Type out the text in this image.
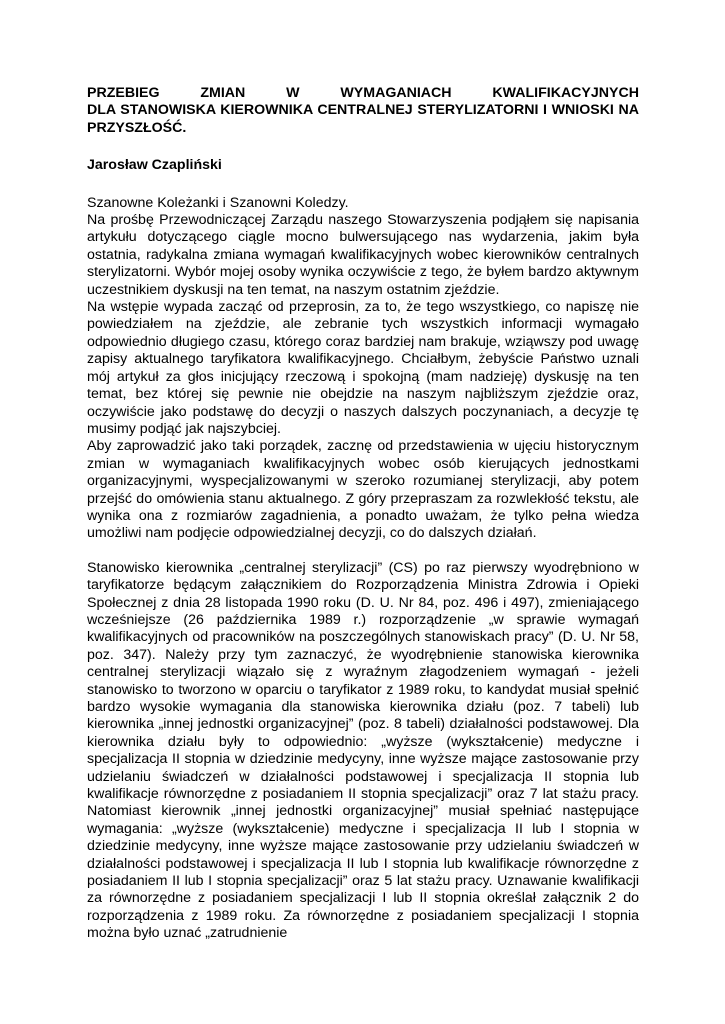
PRZEBIEG ZMIAN W WYMAGANIACH KWALIFIKACYJNYCH
DLA STANOWISKA KIEROWNIKA CENTRALNEJ STERYLIZATORNI I WNIOSKI NA PRZYSZŁOŚĆ.

Jarosław Czapliński

Szanowne Koleżanki i Szanowni Koledzy.

Na prośbę Przewodniczącej Zarządu naszego Stowarzyszenia podjąłem się napisania artykułu dotyczącego ciągle mocno bulwersującego nas wydarzenia, jakim była ostatnia, radykalna zmiana wymagań kwalifikacyjnych wobec kierowników centralnych sterylizatorni. Wybór mojej osoby wynika oczywiście z tego, że byłem bardzo aktywnym uczestnikiem dyskusji na ten temat, na naszym ostatnim zjeździe.

Na wstępie wypada zacząć od przeprosin, za to, że tego wszystkiego, co napiszę nie powiedziałem na zjeździe, ale zebranie tych wszystkich informacji wymagało odpowiednio długiego czasu, którego coraz bardziej nam brakuje, wziąwszy pod uwagę zapisy aktualnego taryfikatora kwalifikacyjnego. Chciałbym, żebyście Państwo uznali mój artykuł za głos inicjujący rzeczową i spokojną (mam nadzieję) dyskusję na ten temat, bez której się pewnie nie obejdzie na naszym najbliższym zjeździe oraz, oczywiście jako podstawę do decyzji o naszych dalszych poczynaniach, a decyzje tę musimy podjąć jak najszybciej.

Aby zaprowadzić jako taki porządek, zacznę od przedstawienia w ujęciu historycznym zmian w wymaganiach kwalifikacyjnych wobec osób kierujących jednostkami organizacyjnymi, wyspecjalizowanymi w szeroko rozumianej sterylizacji, aby potem przejść do omówienia stanu aktualnego. Z góry przepraszam za rozwlekłość tekstu, ale wynika ona z rozmiarów zagadnienia, a ponadto uważam, że tylko pełna wiedza umożliwi nam podjęcie odpowiedzialnej decyzji, co do dalszych działań.

Stanowisko kierownika „centralnej sterylizacji” (CS) po raz pierwszy wyodrębniono w taryfikatorze będącym załącznikiem do Rozporządzenia Ministra Zdrowia i Opieki Społecznej z dnia 28 listopada 1990 roku (D. U. Nr 84, poz. 496 i 497), zmieniającego wcześniejsze (26 października 1989 r.) rozporządzenie „w sprawie wymagań kwalifikacyjnych od pracowników na poszczególnych stanowiskach pracy” (D. U. Nr 58, poz. 347). Należy przy tym zaznaczyć, że wyodrębnienie stanowiska kierownika centralnej sterylizacji wiązało się z wyraźnym złagodzeniem wymagań - jeżeli stanowisko to tworzono w oparciu o taryfikator z 1989 roku, to kandydat musiał spełnić bardzo wysokie wymagania dla stanowiska kierownika działu (poz. 7 tabeli) lub kierownika „innej jednostki organizacyjnej” (poz. 8 tabeli) działalności podstawowej. Dla kierownika działu były to odpowiednio: „wyższe (wykształcenie) medyczne i specjalizacja II stopnia w dziedzinie medycyny, inne wyższe mające zastosowanie przy udzielaniu świadczeń w działalności podstawowej i specjalizacja II stopnia lub kwalifikacje równorzędne z posiadaniem II stopnia specjalizacji” oraz 7 lat stażu pracy. Natomiast kierownik „innej jednostki organizacyjnej” musiał spełniać następujące wymagania: „wyższe (wykształcenie) medyczne i specjalizacja II lub I stopnia w dziedzinie medycyny, inne wyższe mające zastosowanie przy udzielaniu świadczeń w działalności podstawowej i specjalizacja II lub I stopnia lub kwalifikacje równorzędne z posiadaniem II lub I stopnia specjalizacji” oraz 5 lat stażu pracy. Uznawanie kwalifikacji za równorzędne z posiadaniem specjalizacji I lub II stopnia określał załącznik 2 do rozporządzenia z 1989 roku. Za równorzędne z posiadaniem specjalizacji I stopnia można było uznać „zatrudnienie
